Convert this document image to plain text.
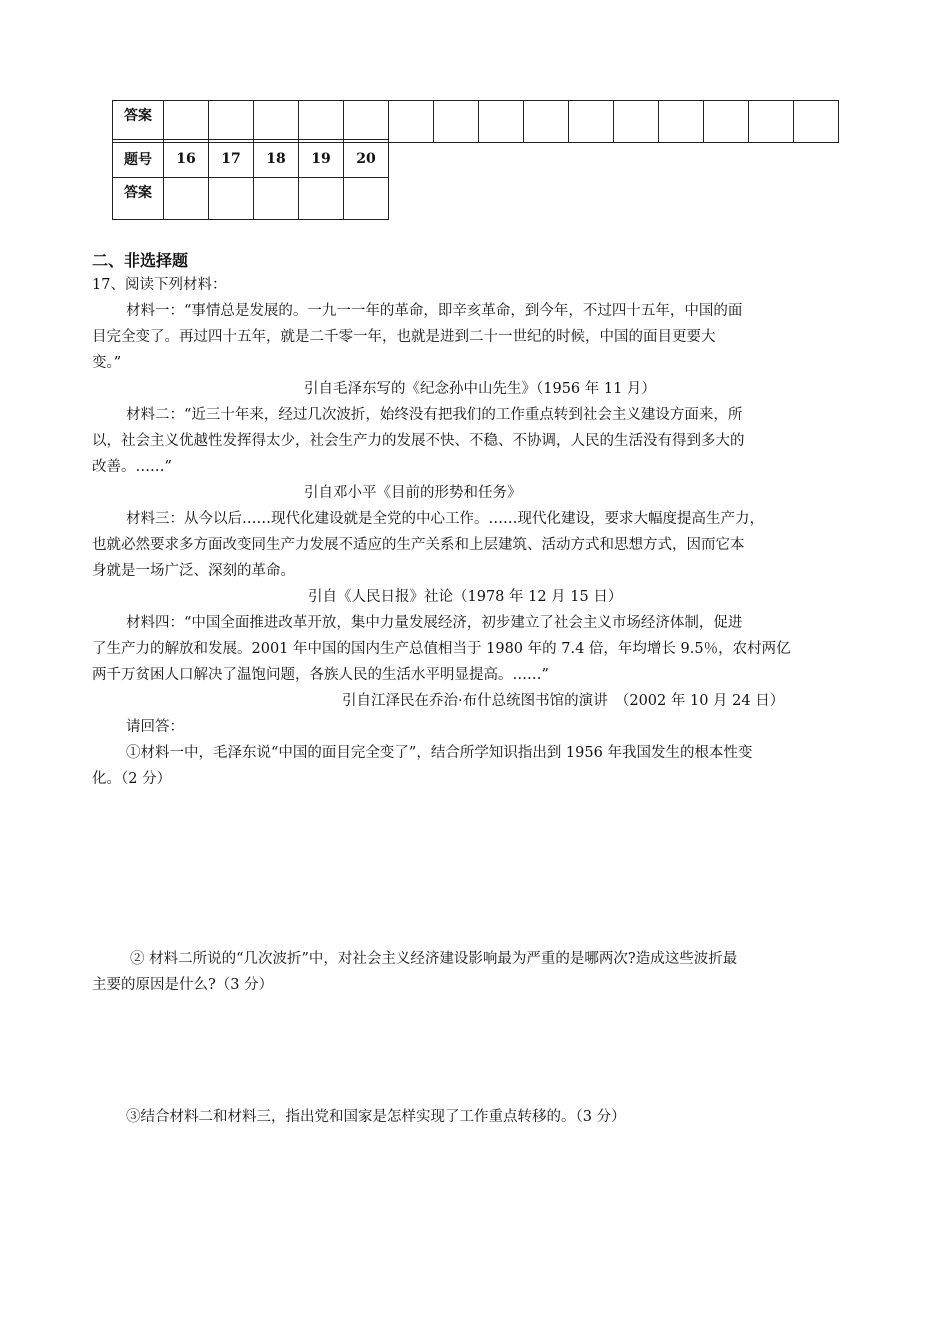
答案															
题号	16	17	18	19	20
答案					
二、非选择题
17、阅读下列材料：
材料一：“事情总是发展的。一九一一年的革命，即辛亥革命，到今年，不过四十五年，中国的面
目完全变了。再过四十五年，就是二千零一年，也就是进到二十一世纪的时候，中国的面目更要大
变。”
引自毛泽东写的《纪念孙中山先生》（1956 年 11 月）
材料二：“近三十年来，经过几次波折，始终没有把我们的工作重点转到社会主义建设方面来，所
以，社会主义优越性发挥得太少，社会生产力的发展不快、不稳、不协调，人民的生活没有得到多大的
改善。……”
引自邓小平《目前的形势和任务》
材料三：从今以后……现代化建设就是全党的中心工作。……现代化建设，要求大幅度提高生产力，
也就必然要求多方面改变同生产力发展不适应的生产关系和上层建筑、活动方式和思想方式，因而它本
身就是一场广泛、深刻的革命。
引自《人民日报》社论（1978 年 12 月 15 日）
材料四：“中国全面推进改革开放，集中力量发展经济，初步建立了社会主义市场经济体制，促进
了生产力的解放和发展。2001 年中国的国内生产总值相当于 1980 年的 7.4 倍，年均增长 9.5％，农村两亿
两千万贫困人口解决了温饱问题，各族人民的生活水平明显提高。……”
引自江泽民在乔治·布什总统图书馆的演讲　（2002 年 10 月 24 日）
请回答：
①材料一中，毛泽东说“中国的面目完全变了”，结合所学知识指出到 1956 年我国发生的根本性变
化。（2 分）
② 材料二所说的“几次波折”中，对社会主义经济建设影响最为严重的是哪两次?造成这些波折最
主要的原因是什么?（3 分）
③结合材料二和材料三，指出党和国家是怎样实现了工作重点转移的。（3 分）
